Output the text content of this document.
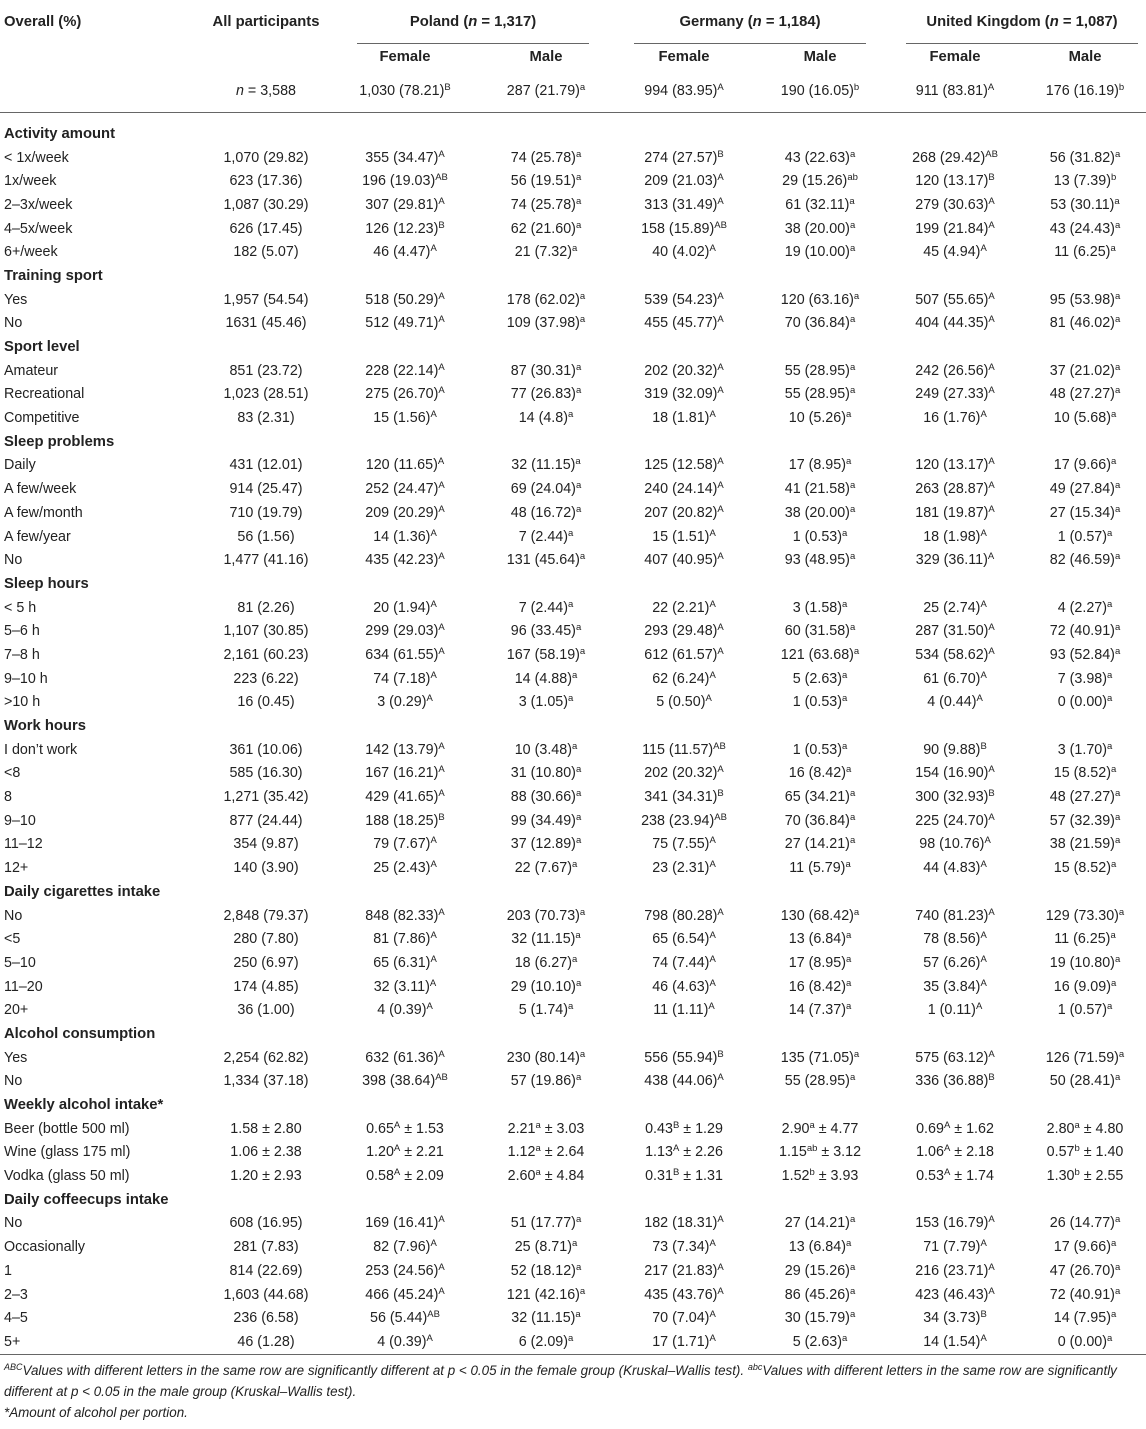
Overall (%)	All participants	Poland (n = 1,317)		Germany (n = 1,184)		United Kingdom (n = 1,087)	

		Female	Male	Female	Male	Female	Male
	n = 3,588	1,030 $(78.21)^B$	287 $(21.79)^a$	994 $(83.95)^A$	190 $(16.05)^b$	911 $(83.81)^A$	176 $(16.19)^b$

Activity amount							
< 1x/week	1,070 (29.82)	355 $(34.47)^A$	74 $(25.78)^a$	274 $(27.57)^B$	43 $(22.63)^a$	268 $(29.42)^{AB}$	56 $(31.82)^a$
1x/week	623 (17.36)	196 $(19.03)^{AB}$	56 $(19.51)^a$	209 $(21.03)^A$	29 $(15.26)^{ab}$	120 $(13.17)^B$	13 $(7.39)^b$
2–3x/week	1,087 (30.29)	307 $(29.81)^A$	74 $(25.78)^a$	313 $(31.49)^A$	61 $(32.11)^a$	279 $(30.63)^A$	53 $(30.11)^a$
4–5x/week	626 (17.45)	126 $(12.23)^B$	62 $(21.60)^a$	158 $(15.89)^{AB}$	38 $(20.00)^a$	199 $(21.84)^A$	43 $(24.43)^a$
6+/week	182 (5.07)	46 $(4.47)^A$	21 $(7.32)^a$	40 $(4.02)^A$	19 $(10.00)^a$	45 $(4.94)^A$	11 $(6.25)^a$
Training sport							
Yes	1,957 (54.54)	518 $(50.29)^A$	178 $(62.02)^a$	539 $(54.23)^A$	120 $(63.16)^a$	507 $(55.65)^A$	95 $(53.98)^a$
No	1631 (45.46)	512 $(49.71)^A$	109 $(37.98)^a$	455 $(45.77)^A$	70 $(36.84)^a$	404 $(44.35)^A$	81 $(46.02)^a$
Sport level							
Amateur	851 (23.72)	228 $(22.14)^A$	87 $(30.31)^a$	202 $(20.32)^A$	55 $(28.95)^a$	242 $(26.56)^A$	37 $(21.02)^a$
Recreational	1,023 (28.51)	275 $(26.70)^A$	77 $(26.83)^a$	319 $(32.09)^A$	55 $(28.95)^a$	249 $(27.33)^A$	48 $(27.27)^a$
Competitive	83 (2.31)	15 $(1.56)^A$	14 $(4.8)^a$	18 $(1.81)^A$	10 $(5.26)^a$	16 $(1.76)^A$	10 $(5.68)^a$
Sleep problems							
Daily	431 (12.01)	120 $(11.65)^A$	32 $(11.15)^a$	125 $(12.58)^A$	17 $(8.95)^a$	120 $(13.17)^A$	17 $(9.66)^a$
A few/week	914 (25.47)	252 $(24.47)^A$	69 $(24.04)^a$	240 $(24.14)^A$	41 $(21.58)^a$	263 $(28.87)^A$	49 $(27.84)^a$
A few/month	710 (19.79)	209 $(20.29)^A$	48 $(16.72)^a$	207 $(20.82)^A$	38 $(20.00)^a$	181 $(19.87)^A$	27 $(15.34)^a$
A few/year	56 (1.56)	14 $(1.36)^A$	7 $(2.44)^a$	15 $(1.51)^A$	1 $(0.53)^a$	18 $(1.98)^A$	1 $(0.57)^a$
No	1,477 (41.16)	435 $(42.23)^A$	131 $(45.64)^a$	407 $(40.95)^A$	93 $(48.95)^a$	329 $(36.11)^A$	82 $(46.59)^a$
Sleep hours							
< 5 h	81 (2.26)	20 $(1.94)^A$	7 $(2.44)^a$	22 $(2.21)^A$	3 $(1.58)^a$	25 $(2.74)^A$	4 $(2.27)^a$
5–6 h	1,107 (30.85)	299 $(29.03)^A$	96 $(33.45)^a$	293 $(29.48)^A$	60 $(31.58)^a$	287 $(31.50)^A$	72 $(40.91)^a$
7–8 h	2,161 (60.23)	634 $(61.55)^A$	167 $(58.19)^a$	612 $(61.57)^A$	121 $(63.68)^a$	534 $(58.62)^A$	93 $(52.84)^a$
9–10 h	223 (6.22)	74 $(7.18)^A$	14 $(4.88)^a$	62 $(6.24)^A$	5 $(2.63)^a$	61 $(6.70)^A$	7 $(3.98)^a$
>10 h	16 (0.45)	3 $(0.29)^A$	3 $(1.05)^a$	5 $(0.50)^A$	1 $(0.53)^a$	4 $(0.44)^A$	0 $(0.00)^a$
Work hours							
I don’t work	361 (10.06)	142 $(13.79)^A$	10 $(3.48)^a$	115 $(11.57)^{AB}$	1 $(0.53)^a$	90 $(9.88)^B$	3 $(1.70)^a$
<8	585 (16.30)	167 $(16.21)^A$	31 $(10.80)^a$	202 $(20.32)^A$	16 $(8.42)^a$	154 $(16.90)^A$	15 $(8.52)^a$
8	1,271 (35.42)	429 $(41.65)^A$	88 $(30.66)^a$	341 $(34.31)^B$	65 $(34.21)^a$	300 $(32.93)^B$	48 $(27.27)^a$
9–10	877 (24.44)	188 $(18.25)^B$	99 $(34.49)^a$	238 $(23.94)^{AB}$	70 $(36.84)^a$	225 $(24.70)^A$	57 $(32.39)^a$
11–12	354 (9.87)	79 $(7.67)^A$	37 $(12.89)^a$	75 $(7.55)^A$	27 $(14.21)^a$	98 $(10.76)^A$	38 $(21.59)^a$
12+	140 (3.90)	25 $(2.43)^A$	22 $(7.67)^a$	23 $(2.31)^A$	11 $(5.79)^a$	44 $(4.83)^A$	15 $(8.52)^a$
Daily cigarettes intake							
No	2,848 (79.37)	848 $(82.33)^A$	203 $(70.73)^a$	798 $(80.28)^A$	130 $(68.42)^a$	740 $(81.23)^A$	129 $(73.30)^a$
<5	280 (7.80)	81 $(7.86)^A$	32 $(11.15)^a$	65 $(6.54)^A$	13 $(6.84)^a$	78 $(8.56)^A$	11 $(6.25)^a$
5–10	250 (6.97)	65 $(6.31)^A$	18 $(6.27)^a$	74 $(7.44)^A$	17 $(8.95)^a$	57 $(6.26)^A$	19 $(10.80)^a$
11–20	174 (4.85)	32 $(3.11)^A$	29 $(10.10)^a$	46 $(4.63)^A$	16 $(8.42)^a$	35 $(3.84)^A$	16 $(9.09)^a$
20+	36 (1.00)	4 $(0.39)^A$	5 $(1.74)^a$	11 $(1.11)^A$	14 $(7.37)^a$	1 $(0.11)^A$	1 $(0.57)^a$
Alcohol consumption							
Yes	2,254 (62.82)	632 $(61.36)^A$	230 $(80.14)^a$	556 $(55.94)^B$	135 $(71.05)^a$	575 $(63.12)^A$	126 $(71.59)^a$
No	1,334 (37.18)	398 $(38.64)^{AB}$	57 $(19.86)^a$	438 $(44.06)^A$	55 $(28.95)^a$	336 $(36.88)^B$	50 $(28.41)^a$
Weekly alcohol intake*							
Beer (bottle 500 ml)	1.58 ± 2.80	$0.65^A \pm 1.53$	2.21$^a$ ± 3.03	$0.43^B \pm 1.29$	2.90$^a$ ± 4.77	$0.69^A \pm 1.62$	2.80$^a$ ± 4.80
Wine (glass 175 ml)	1.06 ± 2.38	$1.20^A \pm 2.21$	1.12$^a$ ± 2.64	$1.13^A \pm 2.26$	1.15$^{ab}$ ± 3.12	$1.06^A \pm 2.18$	0.57$^b$ ± 1.40
Vodka (glass 50 ml)	1.20 ± 2.93	$0.58^A \pm 2.09$	2.60$^a$ ± 4.84	$0.31^B \pm 1.31$	1.52$^b$ ± 3.93	$0.53^A \pm 1.74$	1.30$^b$ ± 2.55
Daily coffeecups intake							
No	608 (16.95)	169 $(16.41)^A$	51 $(17.77)^a$	182 $(18.31)^A$	27 $(14.21)^a$	153 $(16.79)^A$	26 $(14.77)^a$
Occasionally	281 (7.83)	82 $(7.96)^A$	25 $(8.71)^a$	73 $(7.34)^A$	13 $(6.84)^a$	71 $(7.79)^A$	17 $(9.66)^a$
1	814 (22.69)	253 $(24.56)^A$	52 $(18.12)^a$	217 $(21.83)^A$	29 $(15.26)^a$	216 $(23.71)^A$	47 $(26.70)^a$
2–3	1,603 (44.68)	466 $(45.24)^A$	121 $(42.16)^a$	435 $(43.76)^A$	86 $(45.26)^a$	423 $(46.43)^A$	72 $(40.91)^a$
4–5	236 (6.58)	56 $(5.44)^{AB}$	32 $(11.15)^a$	70 $(7.04)^A$	30 $(15.79)^a$	34 $(3.73)^B$	14 $(7.95)^a$
5+	46 (1.28)	4 $(0.39)^A$	6 $(2.09)^a$	17 $(1.71)^A$	5 $(2.63)^a$	14 $(1.54)^A$	0 $(0.00)^a$

$^{ABC}$Values with different letters in the same row are significantly different at p < 0.05 in the female group (Kruskal–Wallis test). $^{abc}$Values with different letters in the same row are significantly different at p < 0.05 in the male group (Kruskal–Wallis test).

*Amount of alcohol per portion.
